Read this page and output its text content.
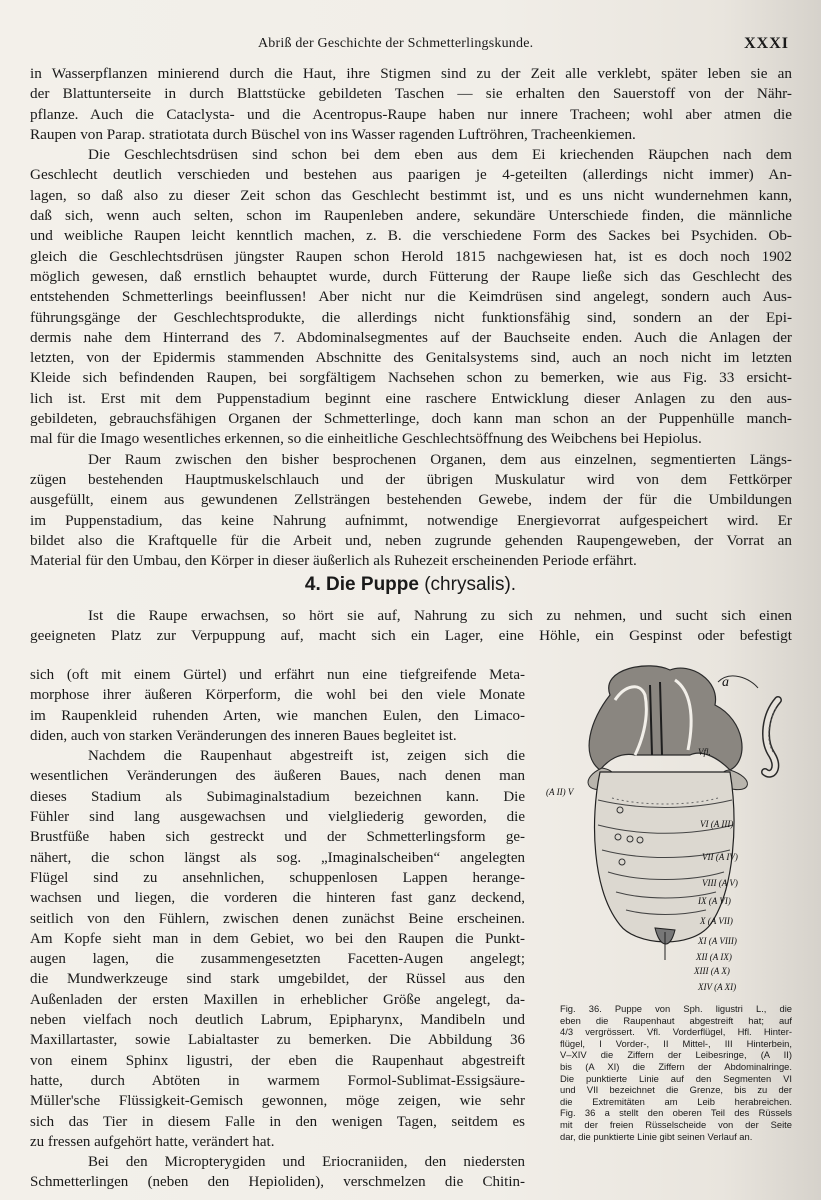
Abriß der Geschichte der Schmetterlingskunde.	XXXI
in Wasserpflanzen minierend durch die Haut, ihre Stigmen sind zu der Zeit alle verklebt, später leben sie an
der Blattunterseite in durch Blattstücke gebildeten Taschen — sie erhalten den Sauerstoff von der Nähr-
pflanze. Auch die Cataclysta- und die Acentropus-Raupe haben nur innere Tracheen; wohl aber atmen die
Raupen von Parap. stratiotata durch Büschel von ins Wasser ragenden Luftröhren, Tracheenkiemen.
Die Geschlechtsdrüsen sind schon bei dem eben aus dem Ei kriechenden Räupchen nach dem
Geschlecht deutlich verschieden und bestehen aus paarigen je 4-geteilten (allerdings nicht immer) An-
lagen, so daß also zu dieser Zeit schon das Geschlecht bestimmt ist, und es uns nicht wundernehmen kann,
daß sich, wenn auch selten, schon im Raupenleben andere, sekundäre Unterschiede finden, die männliche
und weibliche Raupen leicht kenntlich machen, z. B. die verschiedene Form des Sackes bei Psychiden. Ob-
gleich die Geschlechtsdrüsen jüngster Raupen schon Herold 1815 nachgewiesen hat, ist es doch noch 1902
möglich gewesen, daß ernstlich behauptet wurde, durch Fütterung der Raupe ließe sich das Geschlecht des
entstehenden Schmetterlings beeinflussen! Aber nicht nur die Keimdrüsen sind angelegt, sondern auch Aus-
führungsgänge der Geschlechtsprodukte, die allerdings nicht funktionsfähig sind, sondern an der Epi-
dermis nahe dem Hinterrand des 7. Abdominalsegmentes auf der Bauchseite enden. Auch die Anlagen der
letzten, von der Epidermis stammenden Abschnitte des Genitalsystems sind, auch an noch nicht im letzten
Kleide sich befindenden Raupen, bei sorgfältigem Nachsehen schon zu bemerken, wie aus Fig. 33 ersicht-
lich ist. Erst mit dem Puppenstadium beginnt eine raschere Entwicklung dieser Anlagen zu den aus-
gebildeten, gebrauchsfähigen Organen der Schmetterlinge, doch kann man schon an der Puppenhülle manch-
mal für die Imago wesentliches erkennen, so die einheitliche Geschlechtsöffnung des Weibchens bei Hepiolus.
Der Raum zwischen den bisher besprochenen Organen, dem aus einzelnen, segmentierten Längs-
zügen bestehenden Hauptmuskelschlauch und der übrigen Muskulatur wird von dem Fettkörper
ausgefüllt, einem aus gewundenen Zellsträngen bestehenden Gewebe, indem der für die Umbildungen
im Puppenstadium, das keine Nahrung aufnimmt, notwendige Energievorrat aufgespeichert wird. Er
bildet also die Kraftquelle für die Arbeit und, neben zugrunde gehenden Raupengeweben, der Vorrat an
Material für den Umbau, den Körper in dieser äußerlich als Ruhezeit erscheinenden Periode erfährt.
4. Die Puppe (chrysalis).
Ist die Raupe erwachsen, so hört sie auf, Nahrung zu sich zu nehmen, und sucht sich einen
geeigneten Platz zur Verpuppung auf, macht sich ein Lager, eine Höhle, ein Gespinst oder befestigt
sich (oft mit einem Gürtel) und erfährt nun eine tiefgreifende Meta-
morphose ihrer äußeren Körperform, die wohl bei den viele Monate
im Raupenkleid ruhenden Arten, wie manchen Eulen, den Limaco-
diden, auch von starken Veränderungen des inneren Baues begleitet ist.
Nachdem die Raupenhaut abgestreift ist, zeigen sich die
wesentlichen Veränderungen des äußeren Baues, nach denen man
dieses Stadium als Subimaginalstadium bezeichnen kann. Die
Fühler sind lang ausgewachsen und vielgliederig geworden, die
Brustfüße haben sich gestreckt und der Schmetterlingsform ge-
nähert, die schon längst als sog. „Imaginalscheiben“ angelegten
Flügel sind zu ansehnlichen, schuppenlosen Lappen herange-
wachsen und liegen, die vorderen die hinteren fast ganz deckend,
seitlich von den Fühlern, zwischen denen zunächst Beine erscheinen.
Am Kopfe sieht man in dem Gebiet, wo bei den Raupen die Punkt-
augen lagen, die zusammengesetzten Facetten-Augen angelegt;
die Mundwerkzeuge sind stark umgebildet, der Rüssel aus den
Außenladen der ersten Maxillen in erheblicher Größe angelegt, da-
neben vielfach noch deutlich Labrum, Epipharynx, Mandibeln und
Maxillartaster, sowie Labialtaster zu bemerken. Die Abbildung 36
von einem Sphinx ligustri, der eben die Raupenhaut abgestreift
hatte, durch Abtöten in warmem Formol-Sublimat-Essigsäure-
Müller'sche Flüssigkeit-Gemisch gewonnen, möge zeigen, wie sehr
sich das Tier in diesem Falle in den wenigen Tagen, seitdem es
zu fressen aufgehört hatte, verändert hat.
Bei den Micropterygiden und Eriocraniiden, den niedersten
Schmetterlingen (neben den Hepioliden), verschmelzen die Chitin-
a
(A II) V
Vfl.
VI (A III)
VII (A IV)
VIII (A V)
IX (A VI)
X (A VII)
XI (A VIII)
XII (A IX)
XIII (A X)
XIV (A XI)
Fig. 36. Puppe von Sph. ligustri L., die
eben die Raupenhaut abgestreift hat; auf
4/3 vergrössert. Vfl. Vorderflügel, Hfl. Hinter-
flügel, I Vorder-, II Mittel-, III Hinterbein,
V–XIV die Ziffern der Leibesringe, (A II)
bis (A XI) die Ziffern der Abdominalringe.
Die punktierte Linie auf den Segmenten VI
und VII bezeichnet die Grenze, bis zu der
die Extremitäten am Leib herabreichen.
Fig. 36 a stellt den oberen Teil des Rüssels
mit der freien Rüsselscheide von der Seite
dar, die punktierte Linie gibt seinen Verlauf an.
